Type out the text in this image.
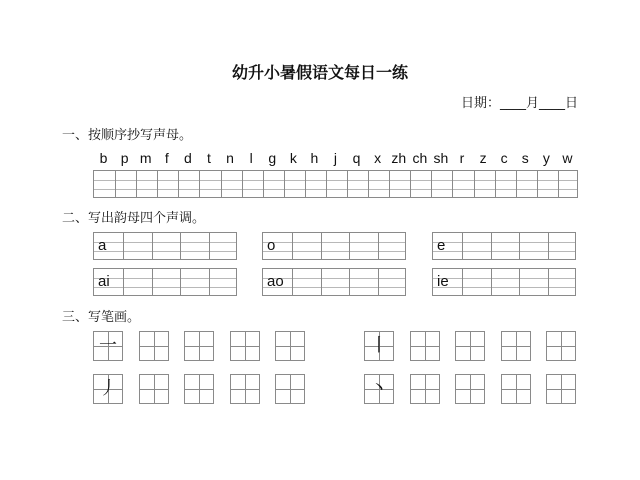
幼升小暑假语文每日一练
日期：____月____日
一、按顺序抄写声母。
b p m f	d	t	n	l	g k h	j	q x zh ch sh r	z	c	s	y w
二、写出韵母四个声调。
a	o	e
ai	ao	ie
三、写笔画。
一	丨
丿	丶
